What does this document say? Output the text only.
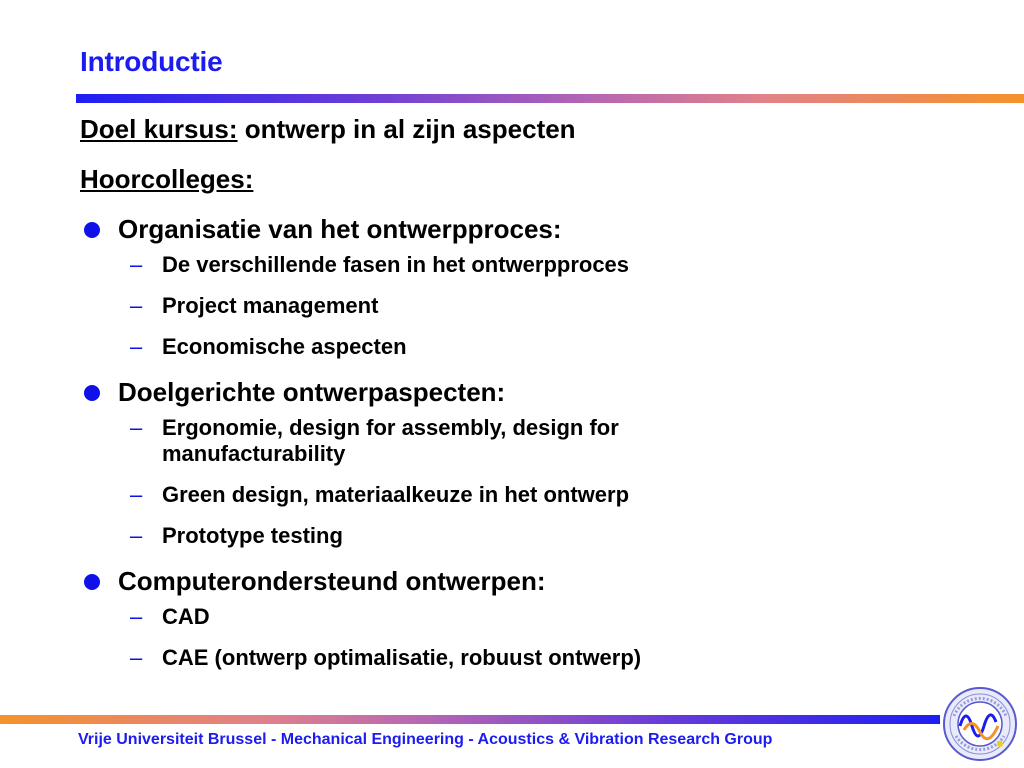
Introductie
Doel kursus: ontwerp in al zijn aspecten
Hoorcolleges:
Organisatie van het ontwerpproces:
– De verschillende fasen in het ontwerpproces
– Project management
– Economische aspecten
Doelgerichte ontwerpaspecten:
– Ergonomie, design for assembly, design for manufacturability
– Green design, materiaalkeuze in het ontwerp
– Prototype testing
Computerondersteund ontwerpen:
– CAD
– CAE (ontwerp optimalisatie, robuust ontwerp)
Vrije Universiteit Brussel - Mechanical Engineering - Acoustics & Vibration Research Group
